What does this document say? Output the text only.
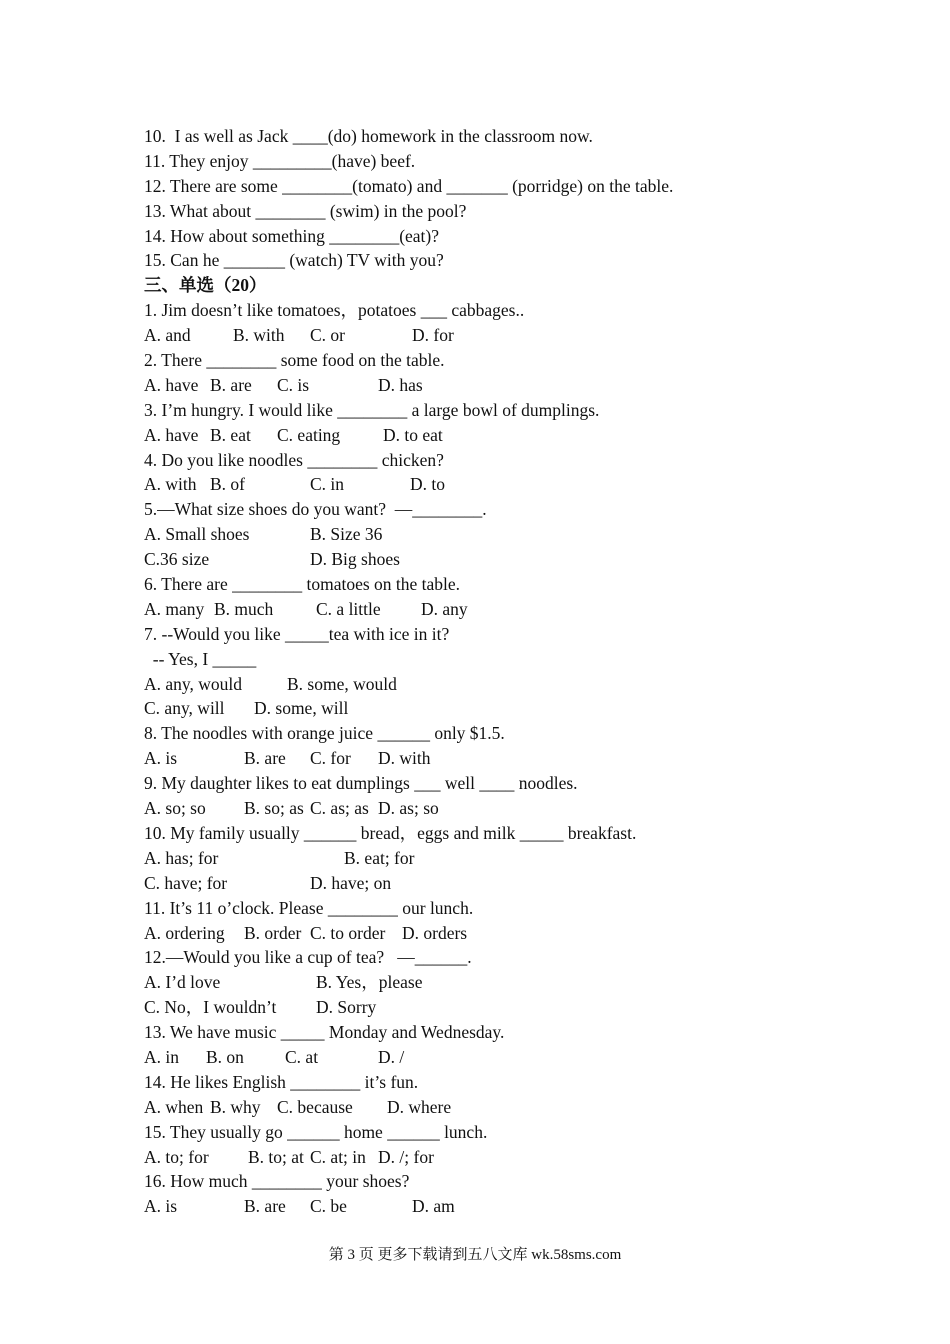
10.  I as well as Jack ____(do) homework in the classroom now.
11. They enjoy _________(have) beef.
12. There are some ________(tomato) and _______ (porridge) on the table.
13. What about ________ (swim) in the pool?
14. How about something ________(eat)?
15. Can he _______ (watch) TV with you?
三、单选（20）
1. Jim doesn’t like tomatoes，potatoes ___ cabbages..
A. and B. with C. or	D. for
2. There ________ some food on the table.
A. have B. are C. is	D. has
3. I’m hungry. I would like ________ a large bowl of dumplings.
A. have B. eat C. eating D. to eat
4. Do you like noodles ________ chicken?
A. with B. of	C. in	D. to
5.—What size shoes do you want?  —________.
A. Small shoes	B. Size 36
C.36 size	D. Big shoes
6. There are ________ tomatoes on the table.
A. many B. much C. a little D. any
7. --Would you like _____tea with ice in it?
-- Yes, I _____
A. any, would	B. some, would
C. any, will D. some, will
8. The noodles with orange juice ______ only $1.5.
A. is	B. are C. for D. with
9. My daughter likes to eat dumplings ___ well ____ noodles.
A. so; so B. so; as C. as; as D. as; so
10. My family usually ______ bread，eggs and milk _____ breakfast.
A. has; for	B. eat; for
C. have; for	D. have; on
11. It’s 11 o’clock. Please ________ our lunch.
A. ordering B. order C. to order D. orders
12.—Would you like a cup of tea?   —______.
A. I’d love	B. Yes，please
C. No，I wouldn’t D. Sorry
13. We have music _____ Monday and Wednesday.
A. in B. on C. at	D. /
14. He likes English ________ it’s fun.
A. when B. why C. because D. where
15. They usually go ______ home ______ lunch.
A. to; for B. to; at C. at; in D. /; for
16. How much ________ your shoes?
A. is	B. are C. be	D. am
第 3 页 更多下载请到五八文库 wk.58sms.com
